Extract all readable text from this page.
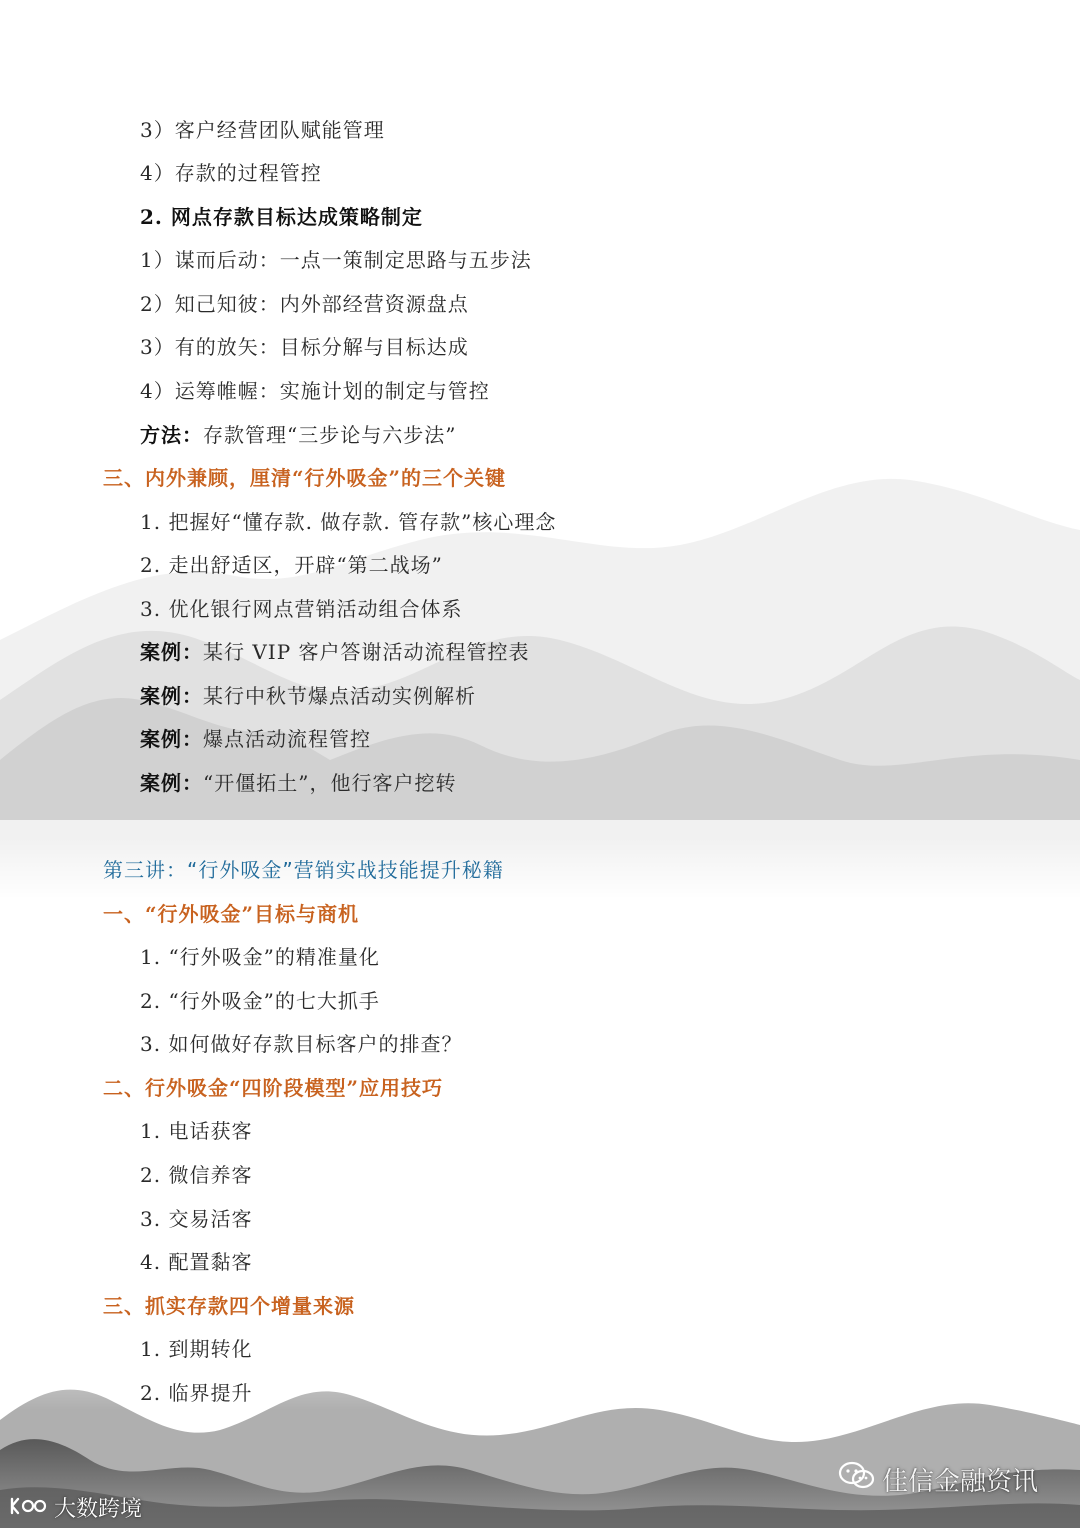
3）客户经营团队赋能管理
4）存款的过程管控
2. 网点存款目标达成策略制定
1）谋而后动：一点一策制定思路与五步法
2）知己知彼：内外部经营资源盘点
3）有的放矢：目标分解与目标达成
4）运筹帷幄：实施计划的制定与管控
方法：存款管理“三步论与六步法”
三、内外兼顾，厘清“行外吸金”的三个关键
1. 把握好“懂存款. 做存款. 管存款”核心理念
2. 走出舒适区，开辟“第二战场”
3. 优化银行网点营销活动组合体系
案例：某行 VIP 客户答谢活动流程管控表
案例：某行中秋节爆点活动实例解析
案例：爆点活动流程管控
案例：“开僵拓土”，他行客户挖转
第三讲：“行外吸金”营销实战技能提升秘籍
一、“行外吸金”目标与商机
1. “行外吸金”的精准量化
2. “行外吸金”的七大抓手
3. 如何做好存款目标客户的排查？
二、行外吸金“四阶段模型”应用技巧
1. 电话获客
2. 微信养客
3. 交易活客
4. 配置黏客
三、抓实存款四个增量来源
1. 到期转化
2. 临界提升
大数跨境
佳信金融资讯
